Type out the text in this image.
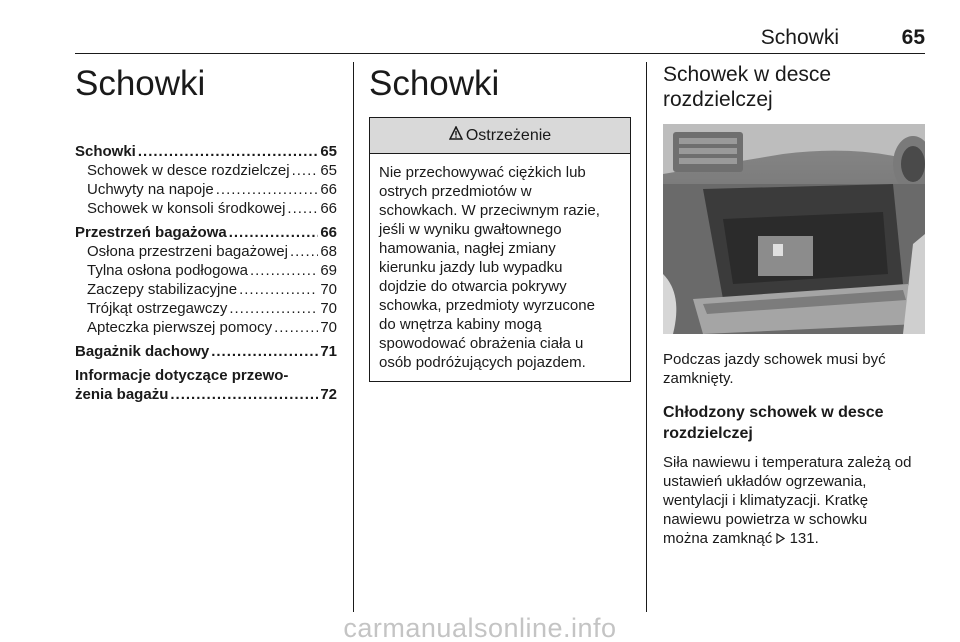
Schowki	65
Schowki
Schowki .....	65
Schowek w desce rozdzielczej ..... 65
Uchwyty na napoje .....	66
Schowek w konsoli środkowej ..... 66
Przestrzeń bagażowa .....	66
Osłona przestrzeni bagażowej ..... 68
Tylna osłona podłogowa .....	69
Zaczepy stabilizacyjne .....	70
Trójkąt ostrzegawczy .....	70
Apteczka pierwszej pomocy .....	70
Bagażnik dachowy .....	71
Informacje dotyczące przewo-
żenia bagażu .....	72
Schowki
Ostrzeżenie
Nie przechowywać ciężkich lub
ostrych przedmiotów w
schowkach. W przeciwnym razie,
jeśli w wyniku gwałtownego
hamowania, nagłej zmiany
kierunku jazdy lub wypadku
dojdzie do otwarcia pokrywy
schowka, przedmioty wyrzucone
do wnętrza kabiny mogą
spowodować obrażenia ciała u
osób podróżujących pojazdem.
Schowek w desce
rozdzielczej
Podczas jazdy schowek musi być
zamknięty.
Chłodzony schowek w desce
rozdzielczej
Siła nawiewu i temperatura zależą od
ustawień układów ogrzewania,
wentylacji i klimatyzacji. Kratkę
nawiewu powietrza w schowku
można zamknąć 131.
carmanualsonline.info
